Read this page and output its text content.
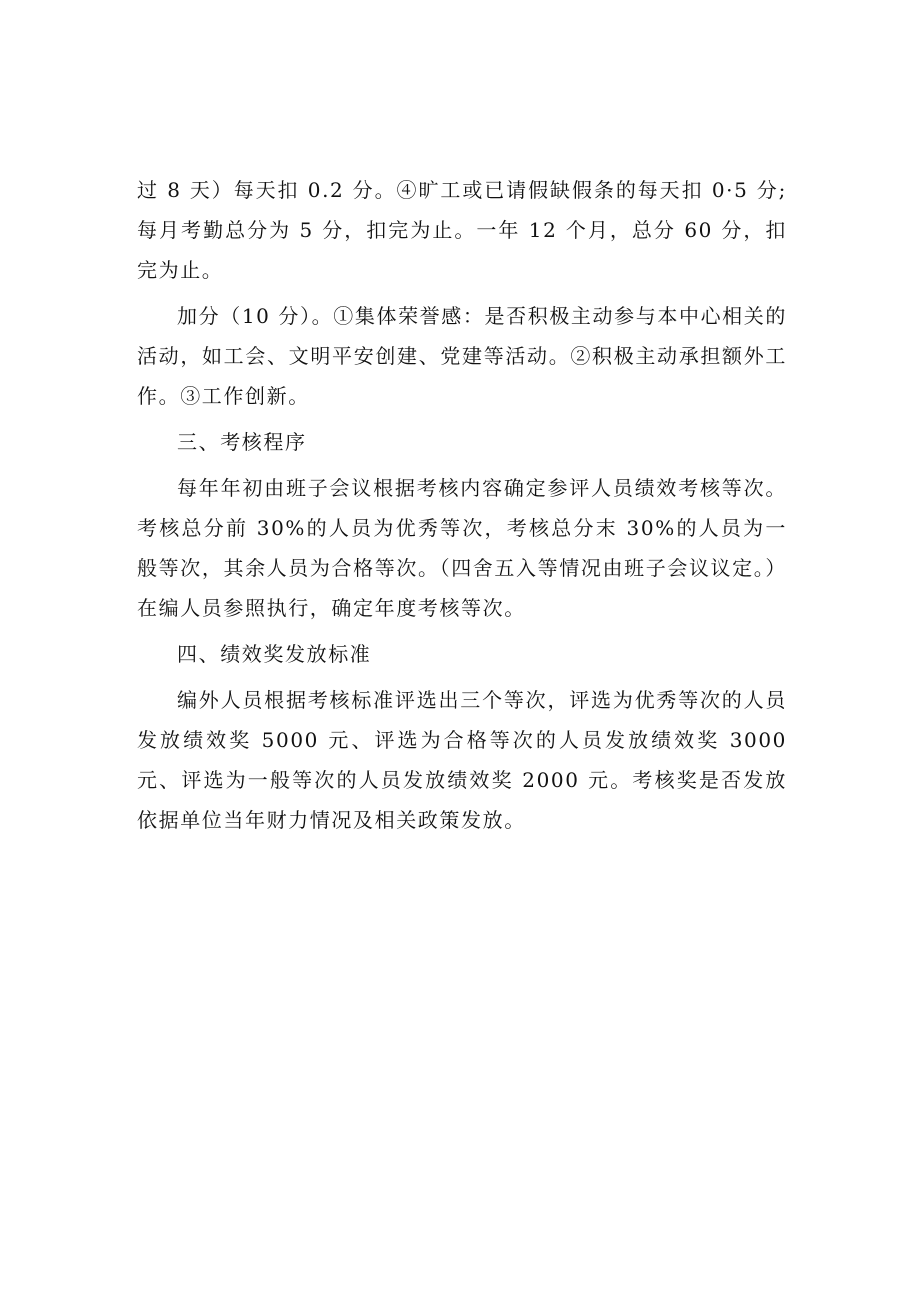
过 8 天）每天扣 0.2 分。④旷工或已请假缺假条的每天扣 0·5 分; 每月考勤总分为 5 分，扣完为止。一年 12 个月，总分 60 分，扣完为止。

加分（10 分）。①集体荣誉感：是否积极主动参与本中心相关的活动，如工会、文明平安创建、党建等活动。②积极主动承担额外工作。③工作创新。

三、考核程序

每年年初由班子会议根据考核内容确定参评人员绩效考核等次。考核总分前 30%的人员为优秀等次，考核总分末 30%的人员为一般等次，其余人员为合格等次。（四舍五入等情况由班子会议议定。）在编人员参照执行，确定年度考核等次。

四、绩效奖发放标准

编外人员根据考核标准评选出三个等次，评选为优秀等次的人员发放绩效奖 5000 元、评选为合格等次的人员发放绩效奖 3000 元、评选为一般等次的人员发放绩效奖 2000 元。考核奖是否发放依据单位当年财力情况及相关政策发放。
